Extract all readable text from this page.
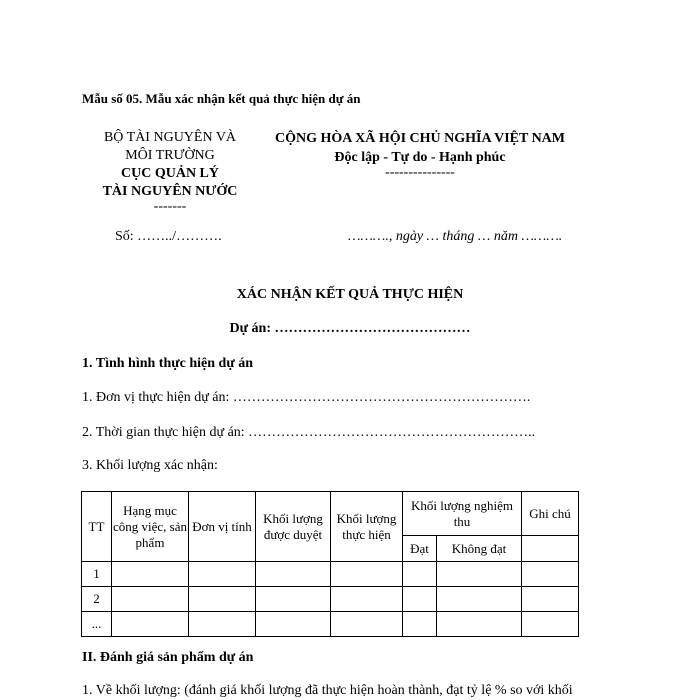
Mẫu số 05. Mẫu xác nhận kết quả thực hiện dự án
BỘ TÀI NGUYÊN VÀ
MÔI TRƯỜNG
CỤC QUẢN LÝ
TÀI NGUYÊN NƯỚC
-------
CỘNG HÒA XÃ HỘI CHỦ NGHĨA VIỆT NAM
Độc lập - Tự do - Hạnh phúc
---------------
Số: ……../……….	………., ngày … tháng … năm ……….
XÁC NHẬN KẾT QUẢ THỰC HIỆN
Dự án: ……………………………………
1. Tình hình thực hiện dự án
1. Đơn vị thực hiện dự án: ……………………………………………………….
2. Thời gian thực hiện dự án: ……………………………………………………..
3. Khối lượng xác nhận:
TT	Hạng mục công việc, sản phẩm	Đơn vị tính	Khối lượng được duyệt	Khối lượng thực hiện	Khối lượng nghiệm thu		Ghi chú
					Đạt	Không đạt	
1							
2							
...							
II. Đánh giá sản phẩm dự án
1. Về khối lượng: (đánh giá khối lượng đã thực hiện hoàn thành, đạt tỷ lệ % so với khối
